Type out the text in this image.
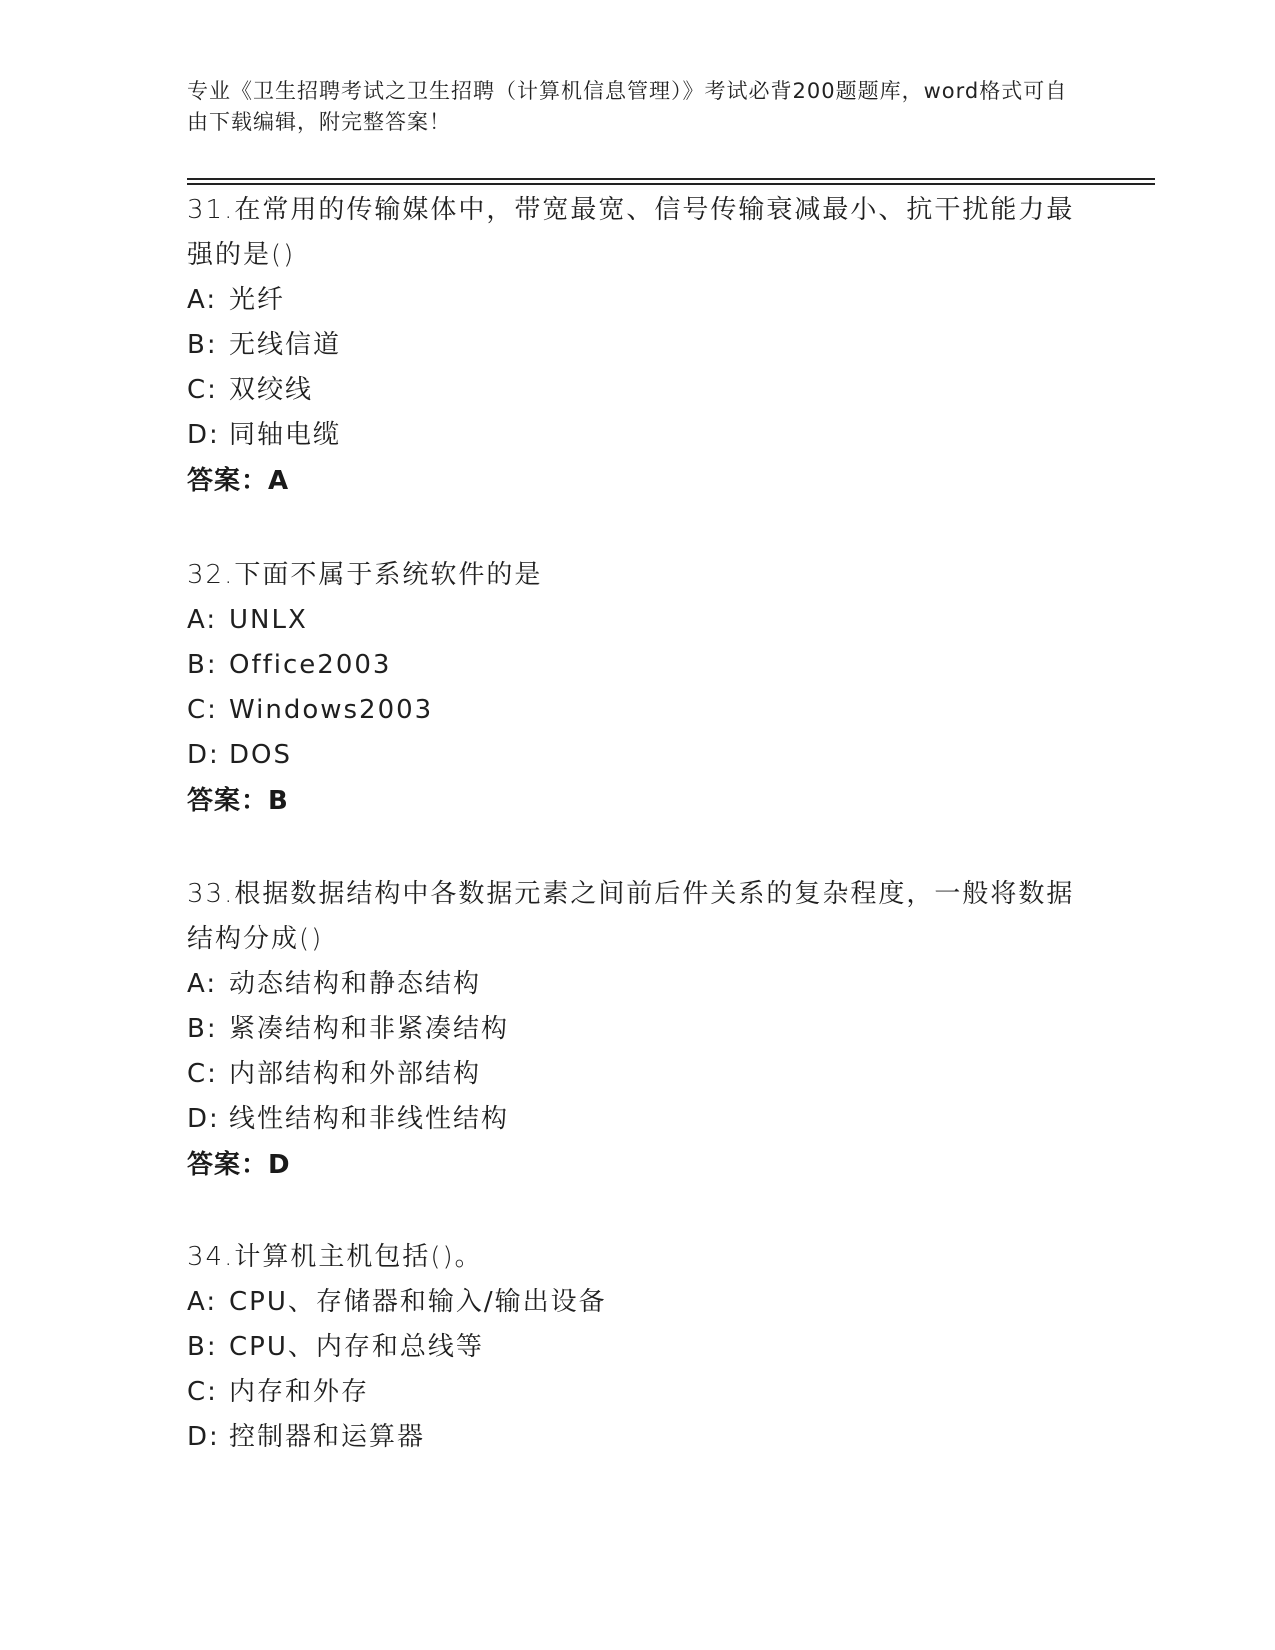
专业《卫生招聘考试之卫生招聘（计算机信息管理）》考试必背200题题库，word格式可自由下载编辑，附完整答案！
31.在常用的传输媒体中，带宽最宽、信号传输衰减最小、抗干扰能力最强的是()
A: 光纤
B: 无线信道
C: 双绞线
D: 同轴电缆
答案：A
32.下面不属于系统软件的是
A: UNLX
B: Office2003
C: Windows2003
D: DOS
答案：B
33.根据数据结构中各数据元素之间前后件关系的复杂程度，一般将数据结构分成()
A: 动态结构和静态结构
B: 紧凑结构和非紧凑结构
C: 内部结构和外部结构
D: 线性结构和非线性结构
答案：D
34.计算机主机包括()。
A: CPU、存储器和输入/输出设备
B: CPU、内存和总线等
C: 内存和外存
D: 控制器和运算器
